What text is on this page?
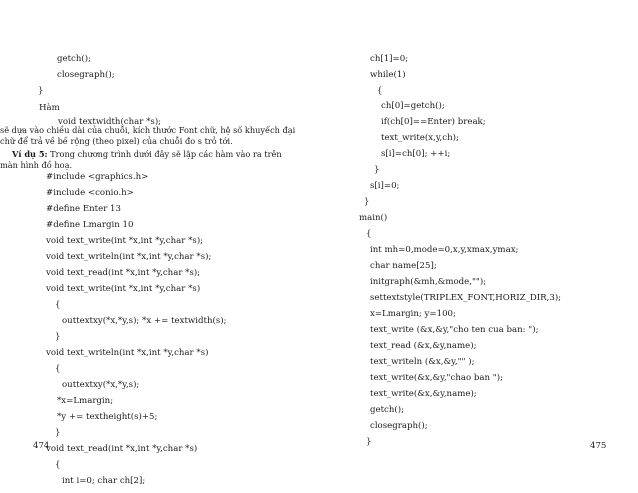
getch();
closegraph();
}
Hàm
void textwidth(char *s);
sẽ dựa vào chiều dài của chuỗi, kích thước Font chữ, hệ số khuyếch đại chữ để trả về bề rộng (theo pixel) của chuỗi đo s trỏ tới.
Ví dụ 5: Trong chương trình dưới đây sẽ lập các hàm vào ra trên màn hình đồ hoạ.
#include <graphics.h>
#include <conio.h>
#define Enter 13
#define Lmargin 10
void text_write(int *x,int *y,char *s);
void text_writeln(int *x,int *y,char *s);
void text_read(int *x,int *y,char *s);
void text_write(int *x,int *y,char *s)
{
outtextxy(*x,*y,s); *x += textwidth(s);
}
void text_writeln(int *x,int *y,char *s)
{
outtextxy(*x,*y,s);
*x=Lmargin;
*y += textheight(s)+5;
}
void text_read(int *x,int *y,char *s)
{
int i=0; char ch[2];
ch[1]=0;
while(1)
{
ch[0]=getch();
if(ch[0]==Enter) break;
text_write(x,y,ch);
s[i]=ch[0]; ++i;
}
s[i]=0;
}
main()
{
int mh=0,mode=0,x,y,xmax,ymax;
char name[25];
initgraph(&mh,&mode,"");
settextstyle(TRIPLEX_FONT,HORIZ_DIR,3);
x=Lmargin; y=100;
text_write (&x,&y,"cho ten cua ban: ");
text_read (&x,&y,name);
text_writeln (&x,&y,"" );
text_write(&x,&y,"chao ban ");
text_write(&x,&y,name);
getch();
closegraph();
}
474	475
